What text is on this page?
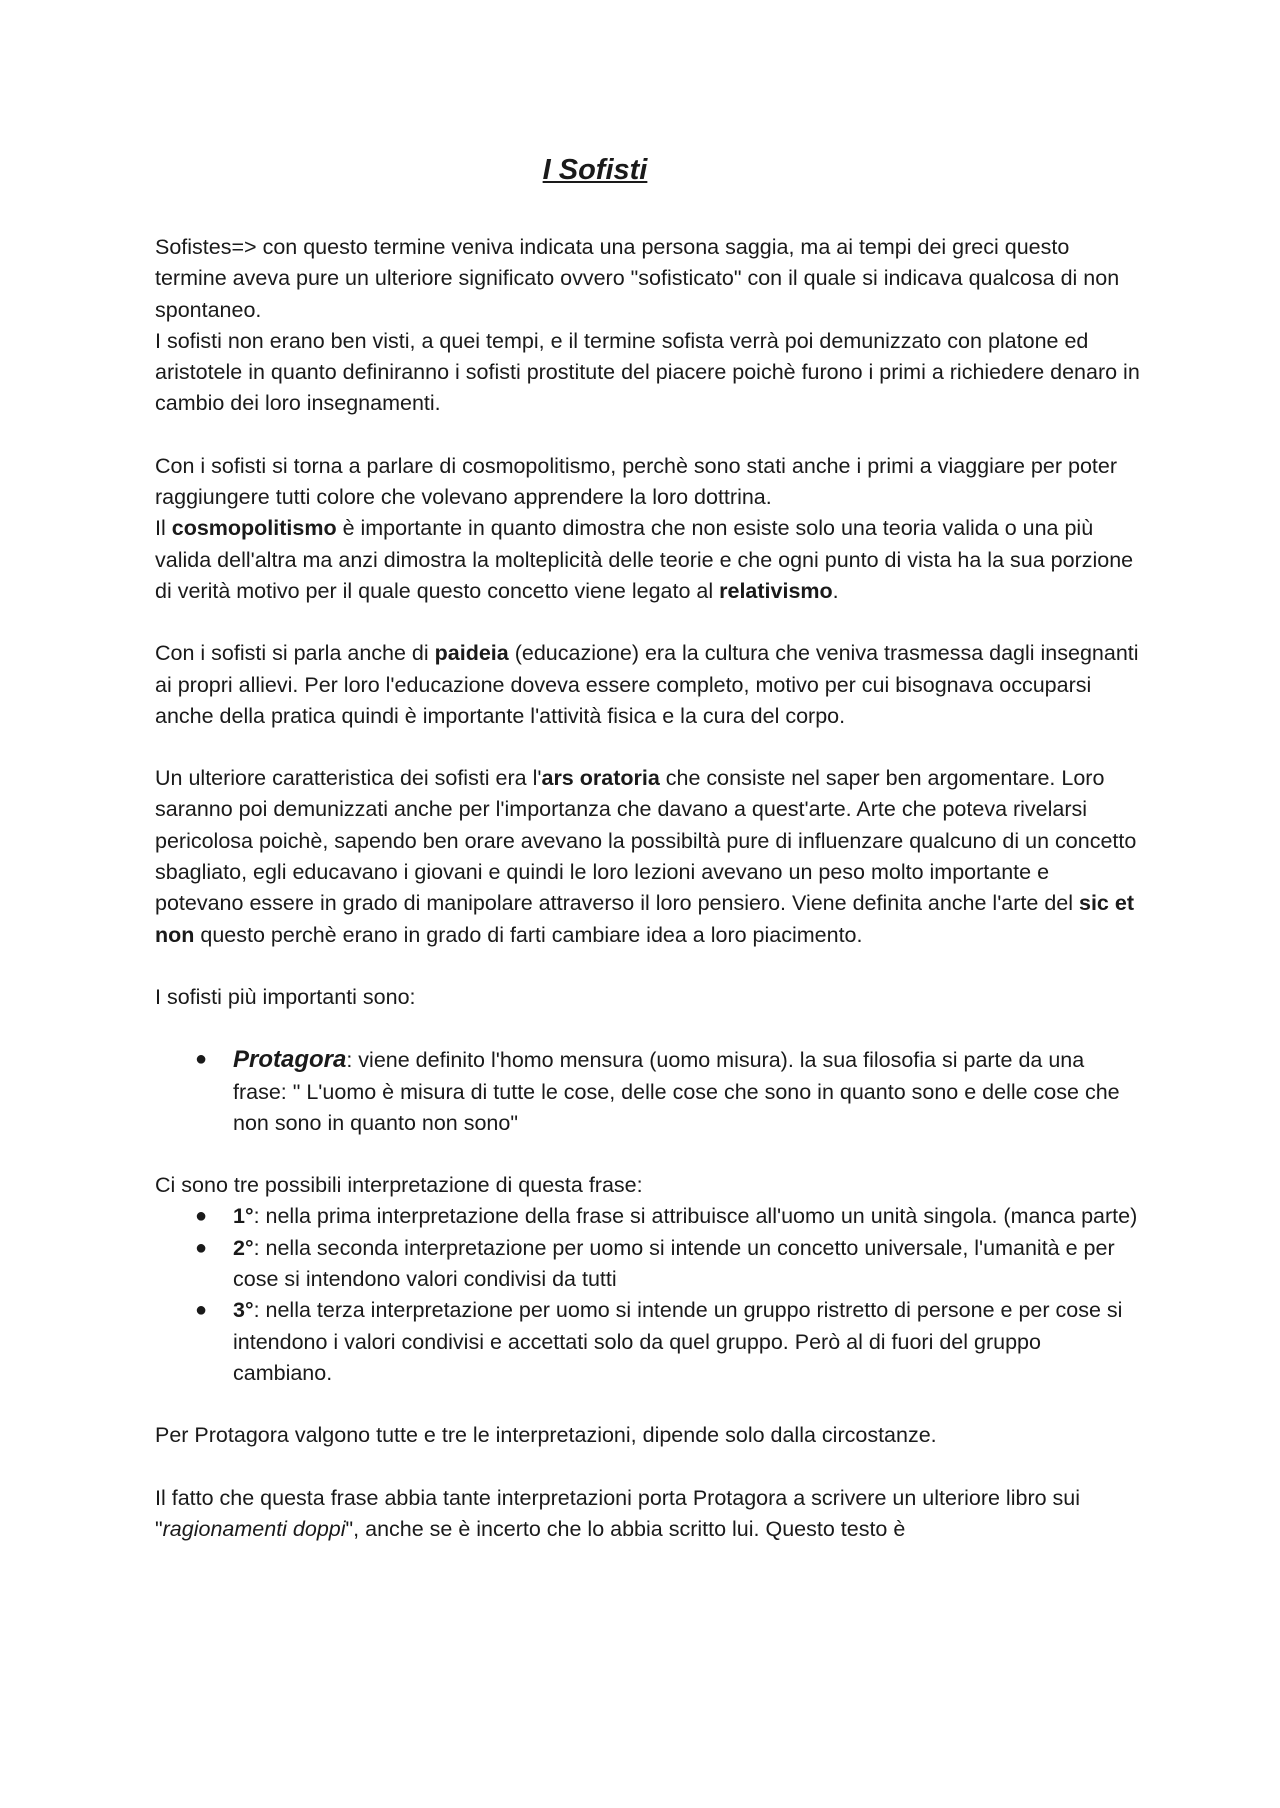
I Sofisti

Sofistes=> con questo termine veniva indicata una persona saggia, ma ai tempi dei greci questo termine aveva pure un ulteriore significato ovvero "sofisticato" con il quale si indicava qualcosa di non spontaneo.

I sofisti non erano ben visti, a quei tempi, e il termine sofista verrà poi demunizzato con platone ed aristotele in quanto definiranno i sofisti prostitute del piacere poichè furono i primi a richiedere denaro in cambio dei loro insegnamenti.

Con i sofisti si torna a parlare di cosmopolitismo, perchè sono stati anche i primi a viaggiare per poter raggiungere tutti colore che volevano apprendere la loro dottrina.

Il cosmopolitismo è importante in quanto dimostra che non esiste solo una teoria valida o una più valida dell'altra ma anzi dimostra la molteplicità delle teorie e che ogni punto di vista ha la sua porzione di verità motivo per il quale questo concetto viene legato al relativismo.

Con i sofisti si parla anche di paideia (educazione) era la cultura che veniva trasmessa dagli insegnanti ai propri allievi. Per loro l'educazione doveva essere completo, motivo per cui bisognava occuparsi anche della pratica quindi è importante l'attività fisica e la cura del corpo.

Un ulteriore caratteristica dei sofisti era l'ars oratoria che consiste nel saper ben argomentare. Loro saranno poi demunizzati anche per l'importanza che davano a quest'arte. Arte che poteva rivelarsi pericolosa poichè, sapendo ben orare avevano la possibiltà pure di influenzare qualcuno di un concetto sbagliato, egli educavano i giovani e quindi le loro lezioni avevano un peso molto importante e potevano essere in grado di manipolare attraverso il loro pensiero. Viene definita anche l'arte del sic et non questo perchè erano in grado di farti cambiare idea a loro piacimento.

I sofisti più importanti sono:

● Protagora: viene definito l'homo mensura (uomo misura). la sua filosofia si parte da una frase: " L'uomo è misura di tutte le cose, delle cose che sono in quanto sono e delle cose che non sono in quanto non sono"

Ci sono tre possibili interpretazione di questa frase:

● 1°: nella prima interpretazione della frase si attribuisce all'uomo un unità singola. (manca parte)
● 2°: nella seconda interpretazione per uomo si intende un concetto universale, l'umanità e per cose si intendono valori condivisi da tutti
● 3°: nella terza interpretazione per uomo si intende un gruppo ristretto di persone e per cose si intendono i valori condivisi e accettati solo da quel gruppo. Però al di fuori del gruppo cambiano.

Per Protagora valgono tutte e tre le interpretazioni, dipende solo dalla circostanze.

Il fatto che questa frase abbia tante interpretazioni porta Protagora a scrivere un ulteriore libro sui "ragionamenti doppi", anche se è incerto che lo abbia scritto lui. Questo testo è
